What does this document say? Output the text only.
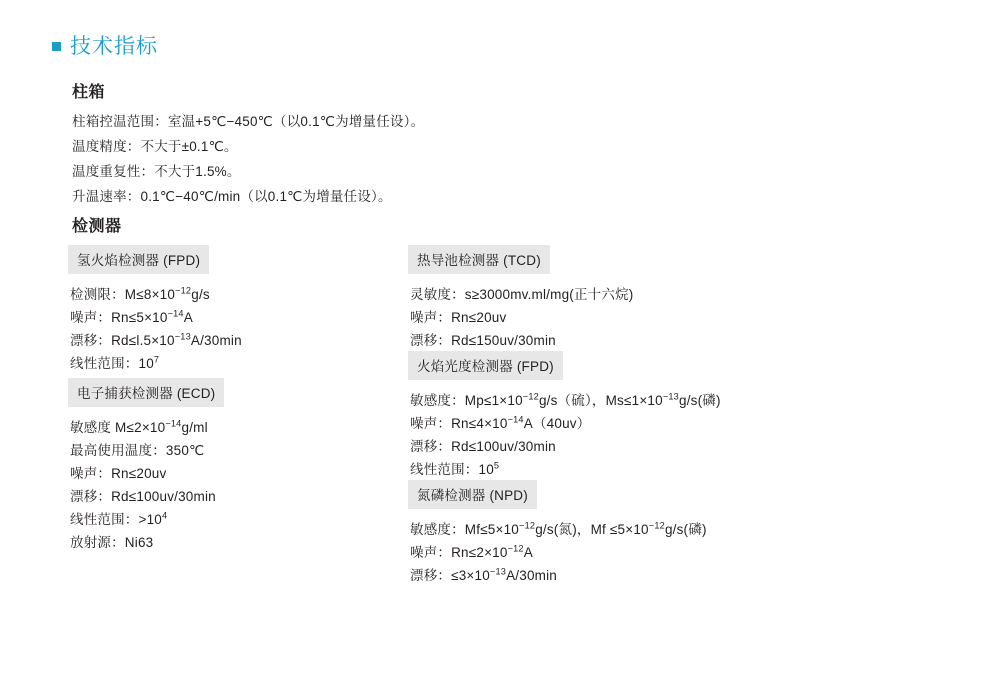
技术指标
柱箱
柱箱控温范围：室温+5℃−450℃（以0.1℃为增量任设）。
温度精度：不大于±0.1℃。
温度重复性：不大于1.5%。
升温速率：0.1℃−40℃/min（以0.1℃为增量任设）。
检测器
氢火焰检测器 (FPD)
检测限：$M\le 8\times 10^{-12}g/s$
噪声：$Rn\le 5\times 10^{-14}A$
漂移：$Rd\le l.5\times 10^{-13}A/30\min$
线性范围：$10^7$
电子捕获检测器 (ECD)
敏感度 $M\le 2\times 10^{-14}g/ml$
最高使用温度：350℃
噪声：Rn≤20uv
漂移：Rd≤100uv/30min
线性范围：$>10^4$
放射源：Ni63
热导池检测器 (TCD)
灵敏度：s≥3000mv.ml/mg(正十六烷)
噪声：Rn≤20uv
漂移：Rd≤150uv/30min
火焰光度检测器 (FPD)
敏感度：$Mp\le 1\times 10^{-12}g/s$（硫），$Ms\le 1\times 10^{-13}g/s$(磷)
噪声：$Rn\le 4\times 10^{-14}A(40uv)$
漂移：Rd≤100uv/30min
线性范围：$10^5$
氮磷检测器 (NPD)
敏感度：$Mf\le 5\times 10^{-12}g/s$(氮)，$Mf \le 5\times 10^{-12}g/s$(磷)
噪声：$Rn\le 2\times 10^{-12}A$
漂移：$\le 3\times 10^{-13}A/30\min$
